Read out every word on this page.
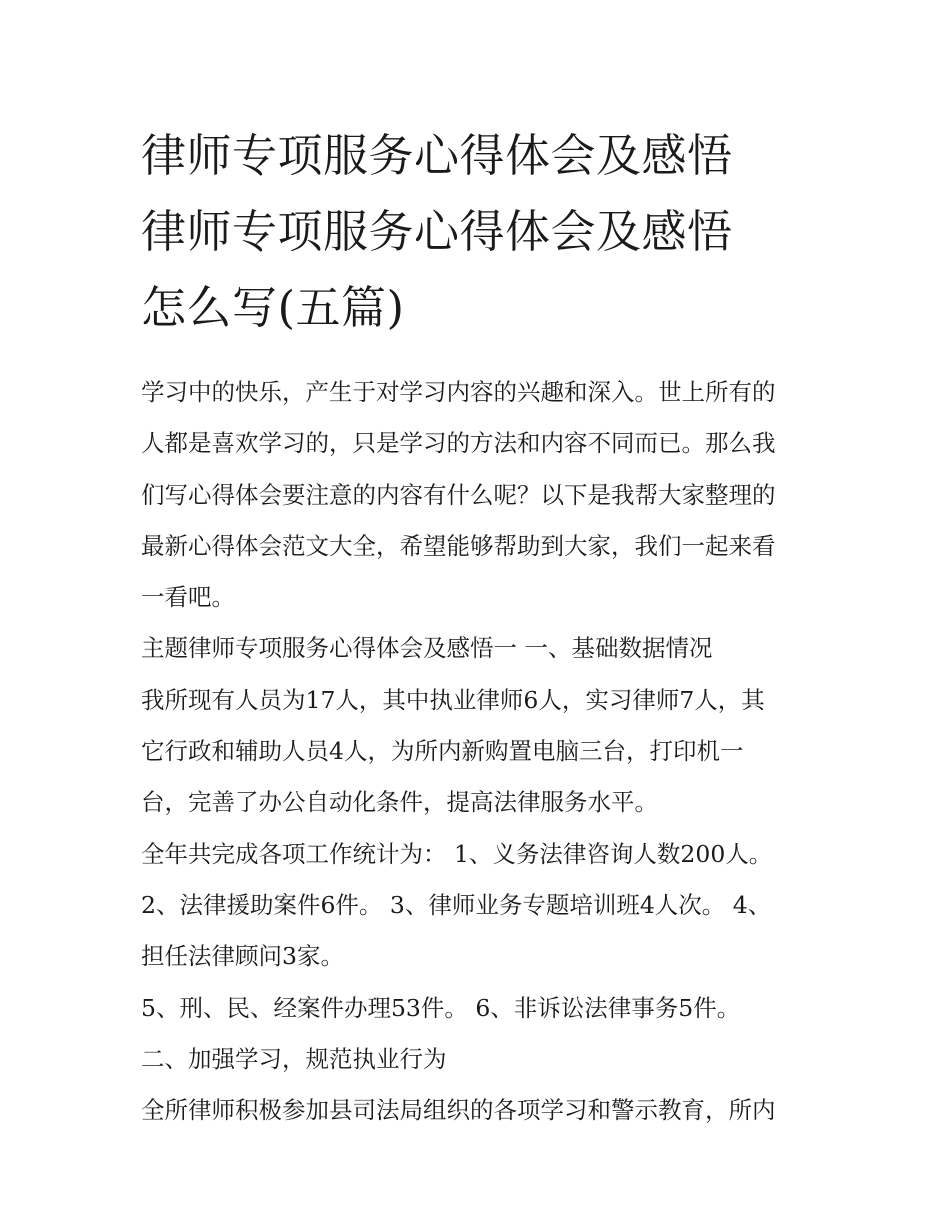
律师专项服务心得体会及感悟
律师专项服务心得体会及感悟
怎么写(五篇)

学习中的快乐，产生于对学习内容的兴趣和深入。世上所有的
人都是喜欢学习的，只是学习的方法和内容不同而已。那么我
们写心得体会要注意的内容有什么呢？以下是我帮大家整理的
最新心得体会范文大全，希望能够帮助到大家，我们一起来看
一看吧。

主题律师专项服务心得体会及感悟一 一、基础数据情况

我所现有人员为17人，其中执业律师6人，实习律师7人，其
它行政和辅助人员4人，为所内新购置电脑三台，打印机一
台，完善了办公自动化条件，提高法律服务水平。

全年共完成各项工作统计为： 1、义务法律咨询人数200人。
2、法律援助案件6件。 3、律师业务专题培训班4人次。 4、
担任法律顾问3家。

5、刑、民、经案件办理53件。 6、非诉讼法律事务5件。

二、加强学习，规范执业行为

全所律师积极参加县司法局组织的各项学习和警示教育，所内
